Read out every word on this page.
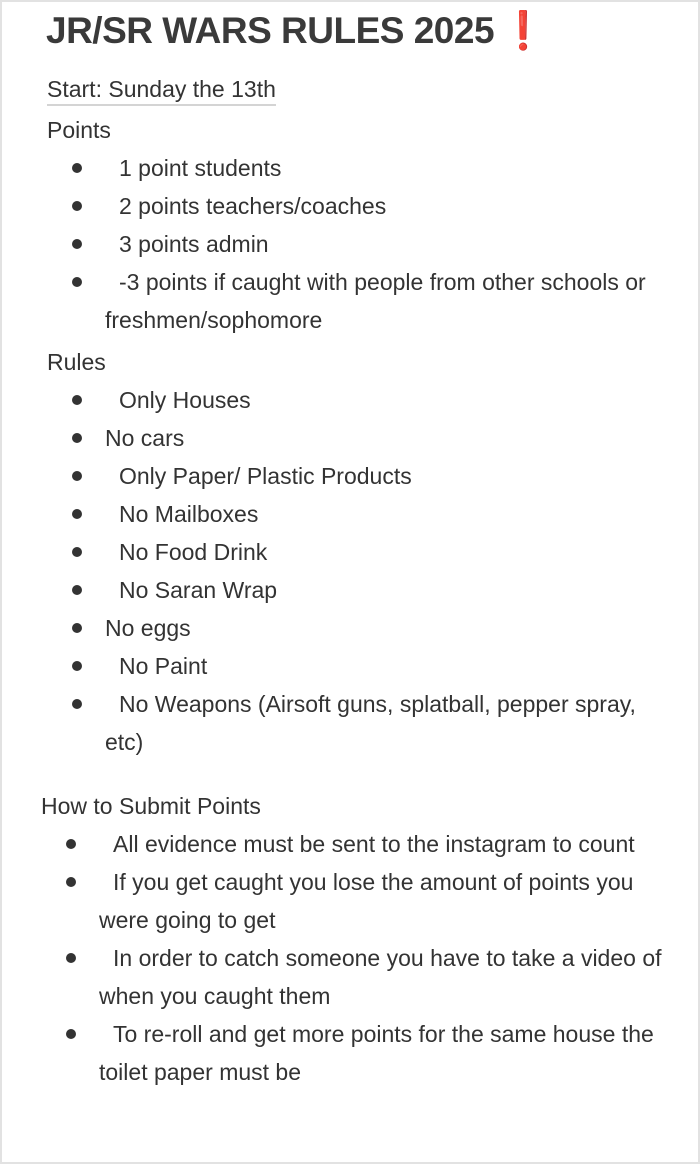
JR/SR WARS RULES 2025 ❗
Start: Sunday the 13th
Points
1 point students
2 points teachers/coaches
3 points admin
-3 points if caught with people from other schools or freshmen/sophomore
Rules
Only Houses
No cars
Only Paper/ Plastic Products
No Mailboxes
No Food Drink
No Saran Wrap
No eggs
No Paint
No Weapons (Airsoft guns, splatball, pepper spray, etc)
How to Submit Points
All evidence must be sent to the instagram to count
If you get caught you lose the amount of points you were going to get
In order to catch someone you have to take a video of when you caught them
To re-roll and get more points for the same house the toilet paper must be
